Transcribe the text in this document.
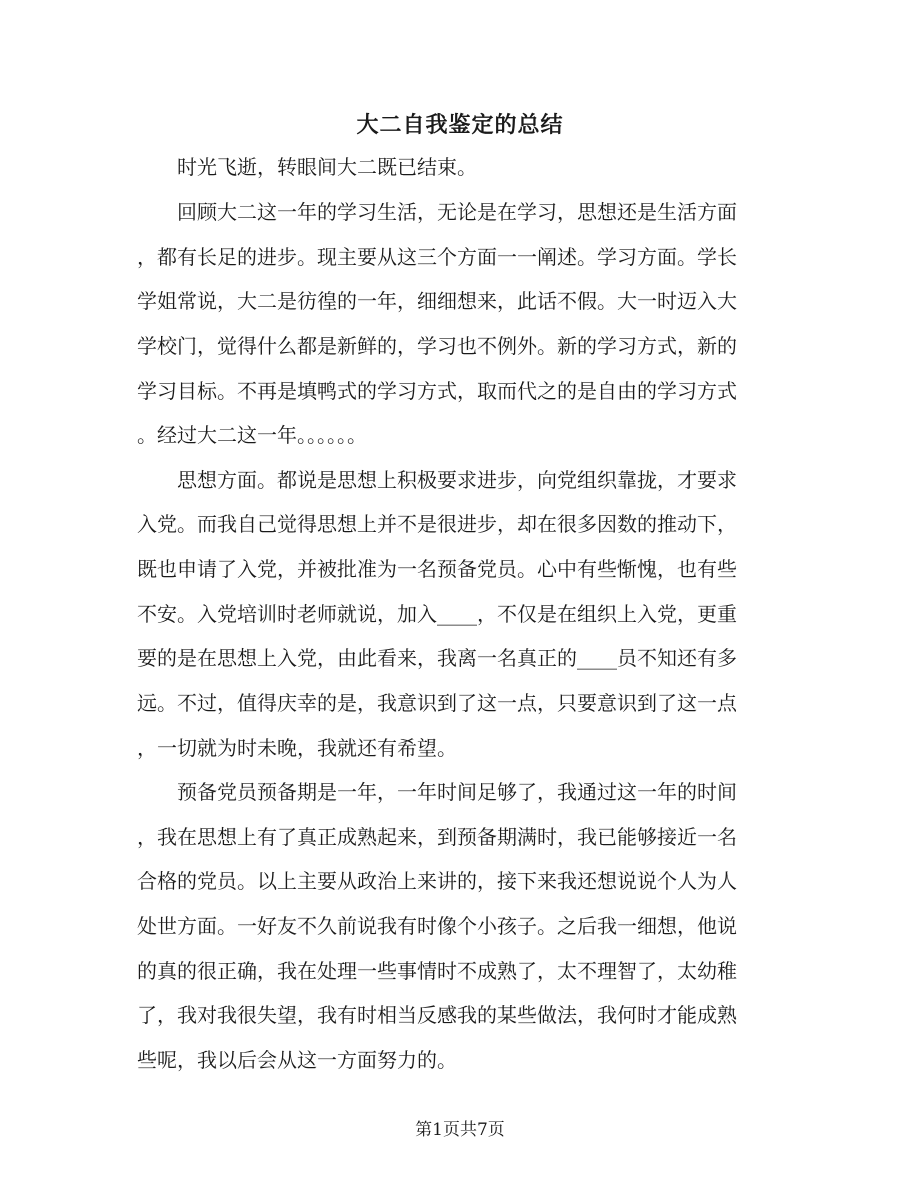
大二自我鉴定的总结
　　时光飞逝，转眼间大二既已结束。
　　回顾大二这一年的学习生活，无论是在学习，思想还是生活方面
，都有长足的进步。现主要从这三个方面一一阐述。学习方面。学长
学姐常说，大二是彷徨的一年，细细想来，此话不假。大一时迈入大
学校门，觉得什么都是新鲜的，学习也不例外。新的学习方式，新的
学习目标。不再是填鸭式的学习方式，取而代之的是自由的学习方式
。经过大二这一年。。。。。。
　　思想方面。都说是思想上积极要求进步，向党组织靠拢，才要求
入党。而我自己觉得思想上并不是很进步，却在很多因数的推动下，
既也申请了入党，并被批准为一名预备党员。心中有些惭愧，也有些
不安。入党培训时老师就说，加入____，不仅是在组织上入党，更重
要的是在思想上入党，由此看来，我离一名真正的____员不知还有多
远。不过，值得庆幸的是，我意识到了这一点，只要意识到了这一点
，一切就为时未晚，我就还有希望。
　　预备党员预备期是一年，一年时间足够了，我通过这一年的时间
，我在思想上有了真正成熟起来，到预备期满时，我已能够接近一名
合格的党员。以上主要从政治上来讲的，接下来我还想说说个人为人
处世方面。一好友不久前说我有时像个小孩子。之后我一细想，他说
的真的很正确，我在处理一些事情时不成熟了，太不理智了，太幼稚
了，我对我很失望，我有时相当反感我的某些做法，我何时才能成熟
些呢，我以后会从这一方面努力的。
第1页共7页
